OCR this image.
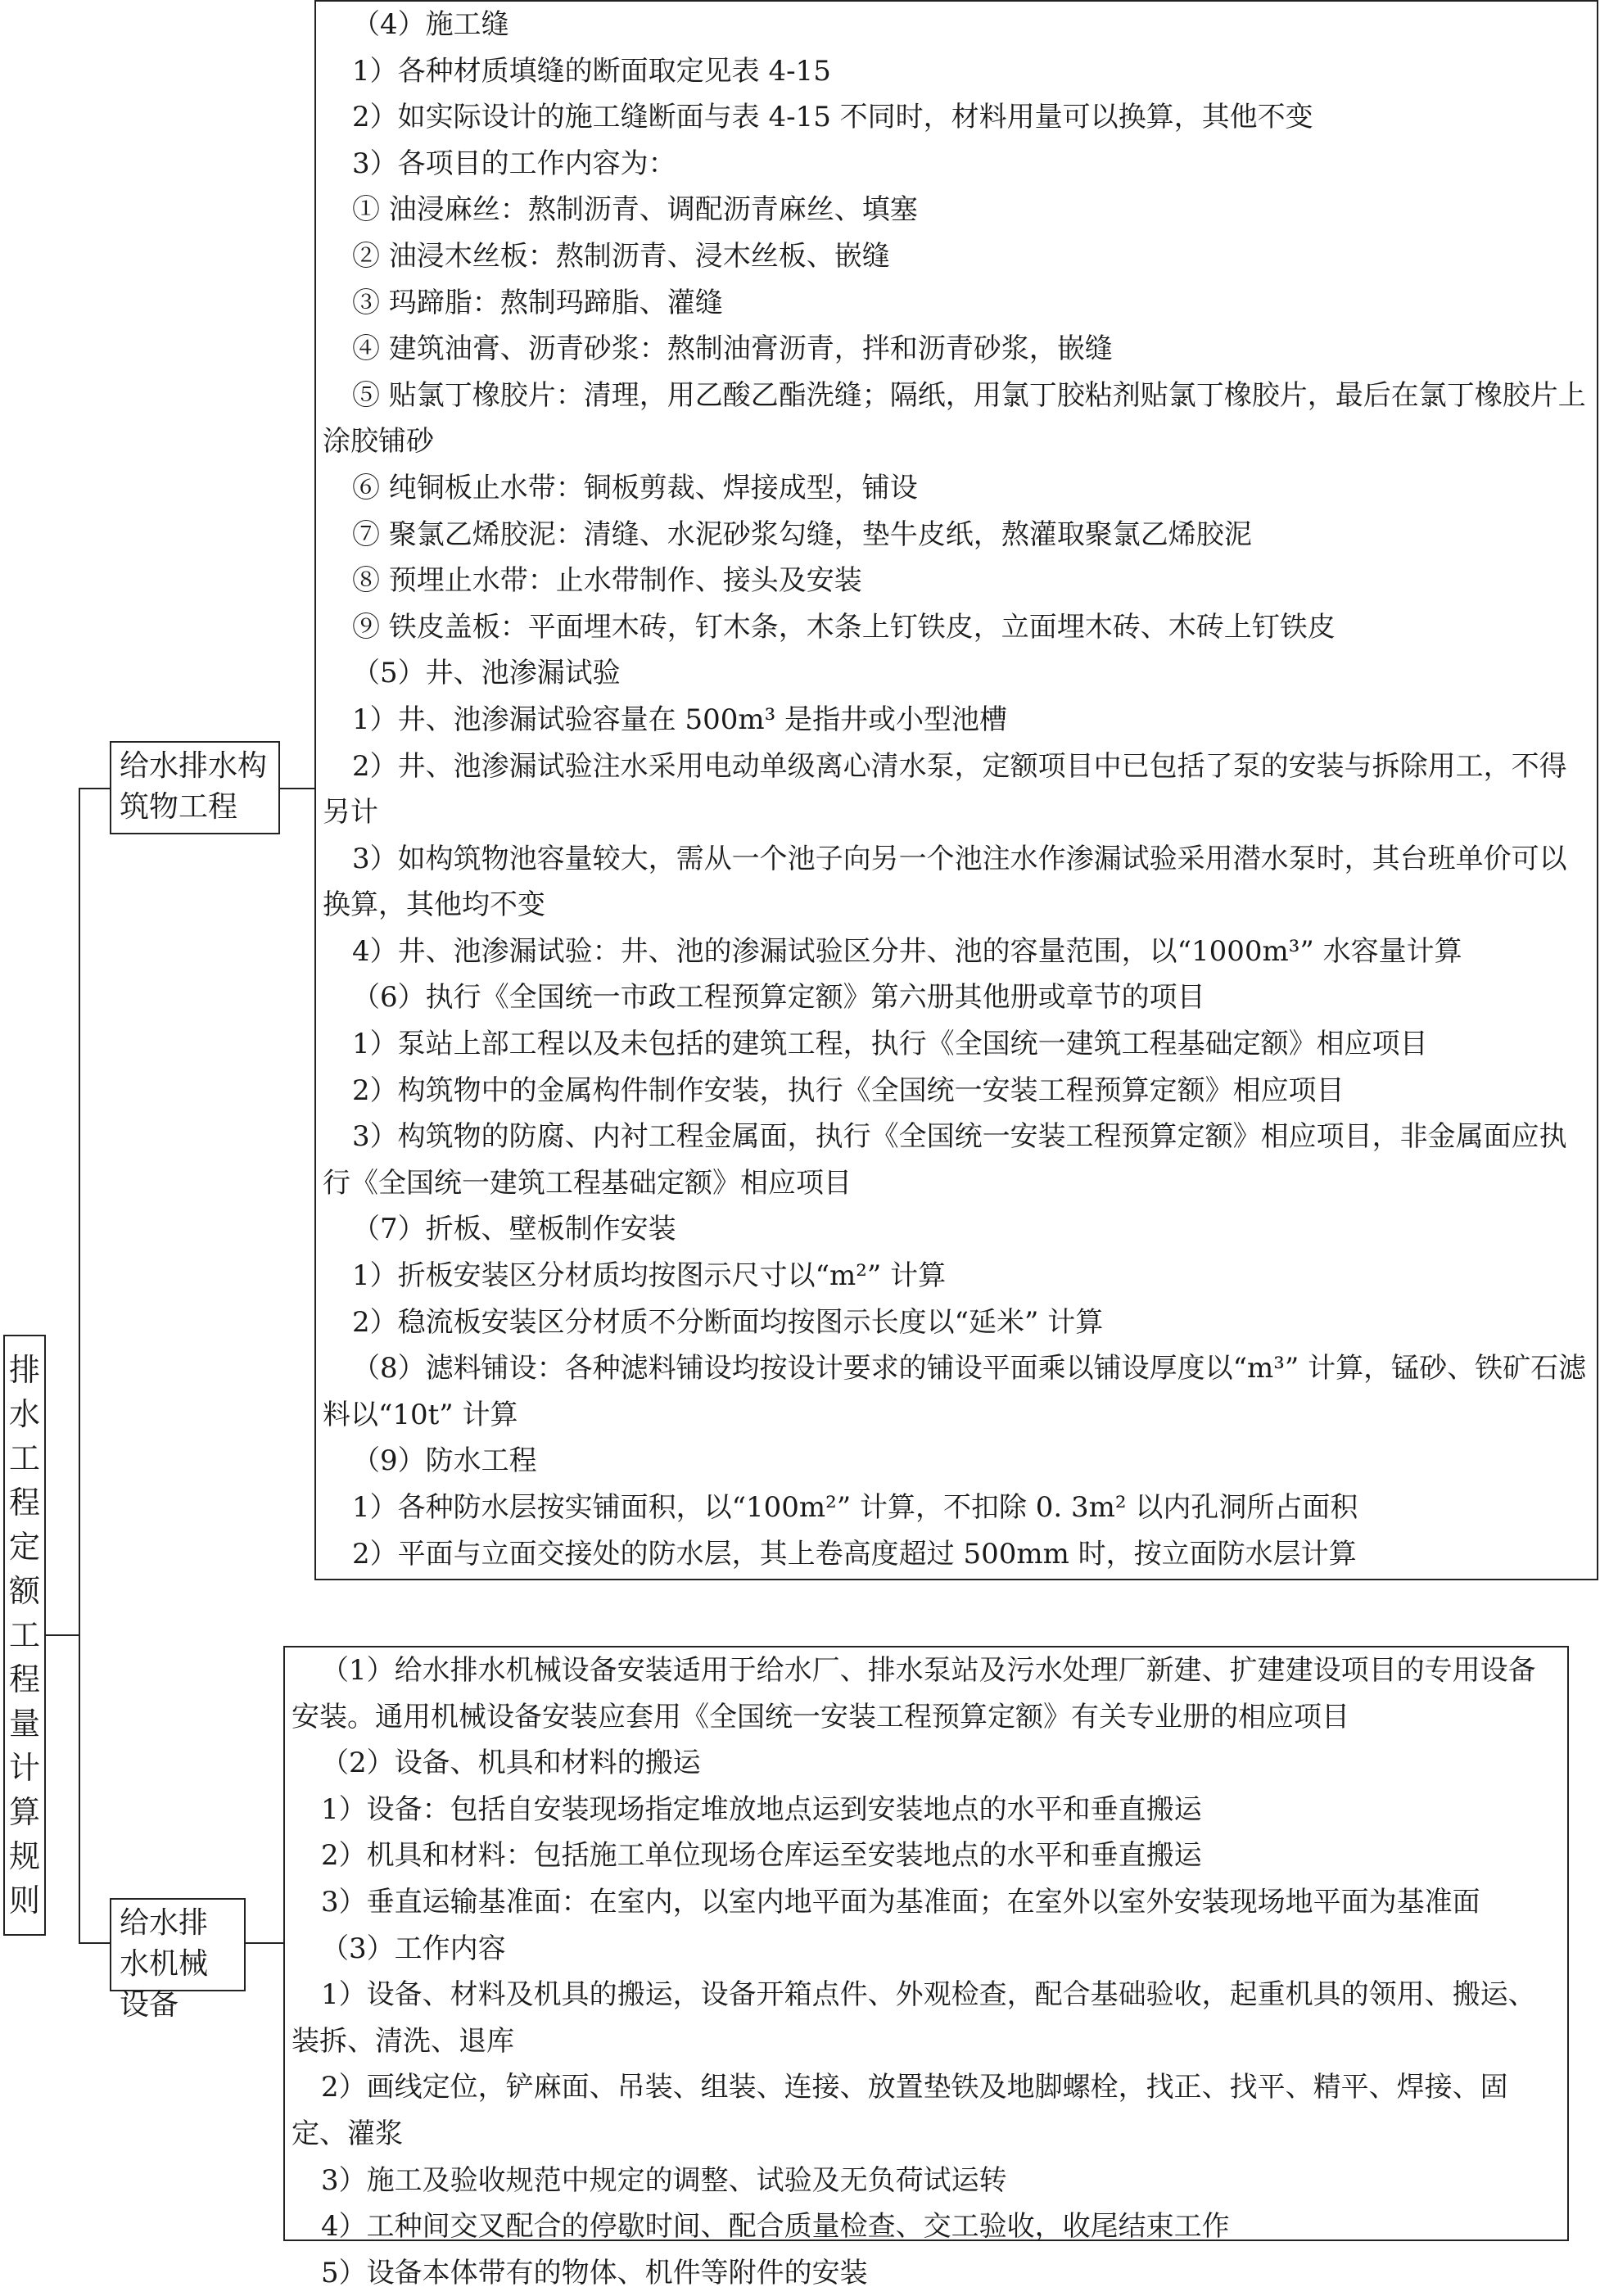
排
水
工
程
定
额
工
程
量
计
算
规
则
给水排水构筑物工程

（4）施工缝

1）各种材质填缝的断面取定见表 4-15

2）如实际设计的施工缝断面与表 4-15 不同时，材料用量可以换算，其他不变

3）各项目的工作内容为：

① 油浸麻丝：熬制沥青、调配沥青麻丝、填塞

② 油浸木丝板：熬制沥青、浸木丝板、嵌缝

③ 玛蹄脂：熬制玛蹄脂、灌缝

④ 建筑油膏、沥青砂浆：熬制油膏沥青，拌和沥青砂浆，嵌缝

⑤ 贴氯丁橡胶片：清理，用乙酸乙酯洗缝；隔纸，用氯丁胶粘剂贴氯丁橡胶片，最后在氯丁橡胶片上涂胶铺砂

⑥ 纯铜板止水带：铜板剪裁、焊接成型，铺设

⑦ 聚氯乙烯胶泥：清缝、水泥砂浆勾缝，垫牛皮纸，熬灌取聚氯乙烯胶泥

⑧ 预埋止水带：止水带制作、接头及安装

⑨ 铁皮盖板：平面埋木砖，钉木条，木条上钉铁皮，立面埋木砖、木砖上钉铁皮

（5）井、池渗漏试验

1）井、池渗漏试验容量在 500m³ 是指井或小型池槽

2）井、池渗漏试验注水采用电动单级离心清水泵，定额项目中已包括了泵的安装与拆除用工，不得另计

3）如构筑物池容量较大，需从一个池子向另一个池注水作渗漏试验采用潜水泵时，其台班单价可以换算，其他均不变

4）井、池渗漏试验：井、池的渗漏试验区分井、池的容量范围，以“1000m³” 水容量计算

（6）执行《全国统一市政工程预算定额》第六册其他册或章节的项目

1）泵站上部工程以及未包括的建筑工程，执行《全国统一建筑工程基础定额》相应项目

2）构筑物中的金属构件制作安装，执行《全国统一安装工程预算定额》相应项目

3）构筑物的防腐、内衬工程金属面，执行《全国统一安装工程预算定额》相应项目，非金属面应执行《全国统一建筑工程基础定额》相应项目

（7）折板、壁板制作安装

1）折板安装区分材质均按图示尺寸以“m²” 计算

2）稳流板安装区分材质不分断面均按图示长度以“延米” 计算

（8）滤料铺设：各种滤料铺设均按设计要求的铺设平面乘以铺设厚度以“m³” 计算，锰砂、铁矿石滤料以“10t” 计算

（9）防水工程

1）各种防水层按实铺面积，以“100m²” 计算，不扣除 0. 3m² 以内孔洞所占面积

2）平面与立面交接处的防水层，其上卷高度超过 500mm 时，按立面防水层计算

给水排水机械设备

（1）给水排水机械设备安装适用于给水厂、排水泵站及污水处理厂新建、扩建建设项目的专用设备安装。通用机械设备安装应套用《全国统一安装工程预算定额》有关专业册的相应项目

（2）设备、机具和材料的搬运

1）设备：包括自安装现场指定堆放地点运到安装地点的水平和垂直搬运

2）机具和材料：包括施工单位现场仓库运至安装地点的水平和垂直搬运

3）垂直运输基准面：在室内，以室内地平面为基准面；在室外以室外安装现场地平面为基准面

（3）工作内容

1）设备、材料及机具的搬运，设备开箱点件、外观检查，配合基础验收，起重机具的领用、搬运、装拆、清洗、退库

2）画线定位，铲麻面、吊装、组装、连接、放置垫铁及地脚螺栓，找正、找平、精平、焊接、固定、灌浆

3）施工及验收规范中规定的调整、试验及无负荷试运转

4）工种间交叉配合的停歇时间、配合质量检查、交工验收，收尾结束工作

5）设备本体带有的物体、机件等附件的安装
